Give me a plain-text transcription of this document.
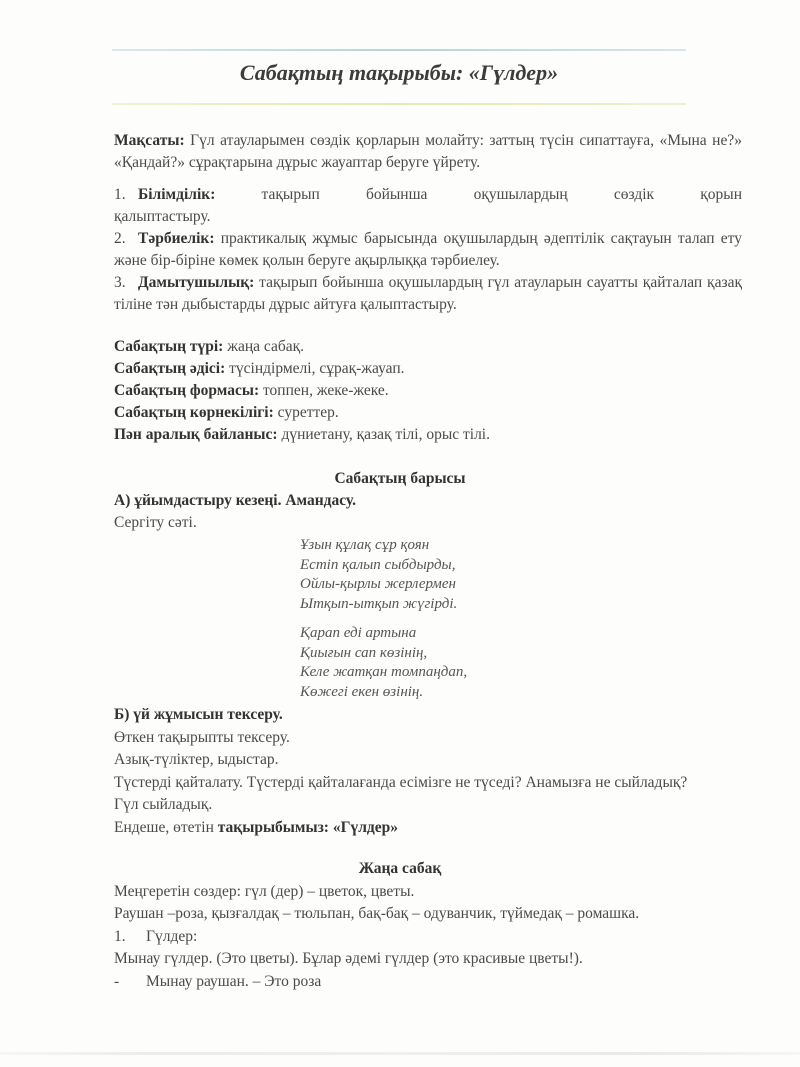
Сабақтың тақырыбы: «Гүлдер»
Мақсаты: Гүл атауларымен сөздік қорларын молайту: заттың түсін сипаттауға, «Мына не?» «Қандай?» сұрақтарына дұрыс жауаптар беруге үйрету.
1. Білімділік: тақырып бойынша оқушылардың сөздік қорын
қалыптастыру.
2. Тәрбиелік: практикалық жұмыс барысында оқушылардың әдептілік сақтауын талап ету және бір-біріне көмек қолын беруге ақырлыққа тәрбиелеу.
3. Дамытушылық: тақырып бойынша оқушылардың гүл атауларын сауатты қайталап қазақ тіліне тән дыбыстарды дұрыс айтуға қалыптастыру.
Сабақтың түрі: жаңа сабақ.
Сабақтың әдісі: түсіндірмелі, сұрақ-жауап.
Сабақтың формасы: топпен, жеке-жеке.
Сабақтың көрнекілігі: суреттер.
Пән аралық байланыс: дүниетану, қазақ тілі, орыс тілі.
Сабақтың барысы
А) ұйымдастыру кезеңі. Амандасу.
Сергіту сәті.
Ұзын құлақ сұр қоян
Естіп қалып сыбдырды,
Ойлы-қырлы жерлермен
Ытқып-ытқып жүгірді.
Қарап еді артына
Қиығын сап көзінің,
Келе жатқан томпаңдап,
Көжегі екен өзінің.
Б) үй жұмысын тексеру.
Өткен тақырыпты тексеру.
Азық-түліктер, ыдыстар.
Түстерді қайталату. Түстерді қайталағанда есімізге не түседі? Анамызға не сыйладық? Гүл сыйладық.
Ендеше, өтетін тақырыбымыз: «Гүлдер»
Жаңа сабақ
Меңгеретін сөздер: гүл (дер) – цветок, цветы.
Раушан –роза, қызғалдақ – тюльпан, бақ-бақ – одуванчик, түймедақ – ромашка.
1. Гүлдер:
Мынау гүлдер. (Это цветы). Бұлар әдемі гүлдер (это красивые цветы!).
- Мынау раушан. – Это роза
